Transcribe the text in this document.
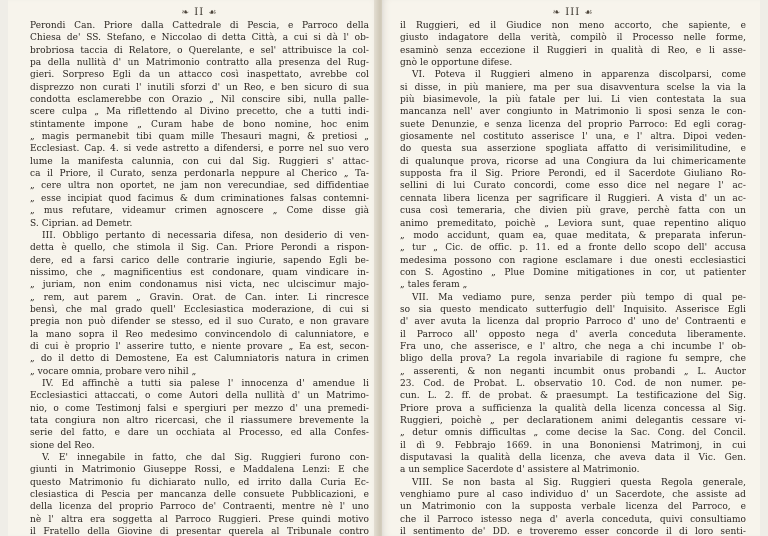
❧ II ☙
Perondi Can. Priore dalla Cattedrale di Pescia, e Parroco della
Chiesa de' SS. Stefano, e Niccolao di detta Città, a cui si dà l' ob-
brobriosa taccia di Relatore, o Querelante, e sel' attribuisce la col-
pa della nullità d' un Matrimonio contratto alla presenza del Rug-
gieri. Sorpreso Egli da un attacco così inaspettato, avrebbe col
disprezzo non curati l' inutili sforzi d' un Reo, e ben sicuro di sua
condotta esclamerebbe con Orazio „ Nil conscire sibi, nulla palle-
scere culpa „ Ma riflettendo al Divino precetto, che a tutti indi-
stintamente impone „ Curam habe de bono nomine, hoc enim
„ magis permanebit tibi quam mille Thesauri magni, & pretiosi „
Ecclesiast. Cap. 4. si vede astretto a difendersi, e porre nel suo vero
lume la manifesta calunnia, con cui dal Sig. Ruggieri s' attac-
ca il Priore, il Curato, senza perdonarla neppure al Cherico „ Ta-
„ cere ultra non oportet, ne jam non verecundiae, sed diffidentiae
„ esse incipiat quod facimus & dum criminationes falsas contemni-
„ mus refutare, videamur crimen agnoscere „ Come disse già
S. Ciprian. ad Demetr.
III. Obbligo pertanto di necessaria difesa, non desiderio di ven-
detta è quello, che stimola il Sig. Can. Priore Perondi a rispon-
dere, ed a farsi carico delle contrarie ingiurie, sapendo Egli be-
nissimo, che „ magnificentius est condonare, quam vindicare in-
„ juriam, non enim condonamus nisi victa, nec ulciscimur majo-
„ rem, aut parem „ Gravin. Orat. de Can. inter. Li rincresce
bensì, che mal grado quell' Ecclesiastica moderazione, di cui si
pregia non può difender se stesso, ed il suo Curato, e non gravare
la mano sopra il Reo medesimo convincendolo di calunniatore, e
di cui è proprio l' asserire tutto, e niente provare „ Ea est, secon-
„ do il detto di Demostene, Ea est Calumniatoris natura in crimen
„ vocare omnia, probare vero nihil „
IV. Ed affinchè a tutti sia palese l' innocenza d' amendue li
Ecclesiastici attaccati, o come Autori della nullità d' un Matrimo-
nio, o come Testimonj falsi e spergiuri per mezzo d' una premedi-
tata congiura non altro ricercasi, che il riassumere brevemente la
serie del fatto, e dare un occhiata al Processo, ed alla Confes-
sione del Reo.
V. E' innegabile in fatto, che dal Sig. Ruggieri furono con-
giunti in Matrimonio Giuseppe Rossi, e Maddalena Lenzi: E che
questo Matrimonio fu dichiarato nullo, ed irrito dalla Curia Ec-
clesiastica di Pescia per mancanza delle consuete Pubblicazioni, e
della licenza del proprio Parroco de' Contraenti, mentre nè l' uno
nè l' altra era soggetta al Parroco Ruggieri. Prese quindi motivo
il Fratello della Giovine di presentar querela al Tribunale contro
❧ III ☙
il Ruggieri, ed il Giudice non meno accorto, che sapiente, e
giusto indagatore della verità, compilò il Processo nelle forme,
esaminò senza eccezione il Ruggieri in qualità di Reo, e li asse-
gnò le opportune difese.
VI. Poteva il Ruggieri almeno in apparenza discolparsi, come
si disse, in più maniere, ma per sua disavventura scelse la via la
più biasimevole, la più fatale per lui. Li vien contestata la sua
mancanza nell' aver congiunto in Matrimonio li sposi senza le con-
suete Denunzie, e senza licenza del proprio Parroco: Ed egli corag-
giosamente nel costituto asserisce l' una, e l' altra. Dipoi veden-
do questa sua asserzione spogliata affatto di verisimilitudine, e
di qualunque prova, ricorse ad una Congiura da lui chimericamente
supposta fra il Sig. Priore Perondi, ed il Sacerdote Giuliano Ro-
sellini di lui Curato concordi, come esso dice nel negare l' ac-
cennata libera licenza per sagrificare il Ruggieri. A vista d' un ac-
cusa così temeraria, che divien più grave, perchè fatta con un
animo premeditato, poichè „ Leviora sunt, quae repentino aliquo
„ modo accidunt, quam ea, quae meditata, & preparata inferun-
„ tur „ Cic. de offic. p. 11. ed a fronte dello scopo dell' accusa
medesima possono con ragione esclamare i due onesti ecclesiastici
con S. Agostino „ Plue Domine mitigationes in cor, ut patienter
„ tales feram „
VII. Ma vediamo pure, senza perder più tempo di qual pe-
so sia questo mendicato sutterfugio dell' Inquisito. Asserisce Egli
d' aver avuta la licenza dal proprio Parroco d' uno de' Contraenti e
il Parroco all' opposto nega d' averla conceduta liberamente.
Fra uno, che asserisce, e l' altro, che nega a chi incumbe l' ob-
bligo della prova? La regola invariabile di ragione fu sempre, che
„ asserenti, & non neganti incumbit onus probandi „ L. Auctor
23. Cod. de Probat. L. observatio 10. Cod. de non numer. pe-
cun. L. 2. ff. de probat. & praesumpt. La testificazione del Sig.
Priore prova a sufficienza la qualità della licenza concessa al Sig.
Ruggieri, poichè „ per declarationem animi delegantis cessare vi-
„ detur omnis difficultas „ come decise la Sac. Cong. del Concil.
il dì 9. Febbrajo 1669. in una Bononiensi Matrimonj, in cui
disputavasi la qualità della licenza, che aveva data il Vic. Gen.
a un semplice Sacerdote d' assistere al Matrimonio.
VIII. Se non basta al Sig. Ruggieri questa Regola generale,
venghiamo pure al caso individuo d' un Sacerdote, che assiste ad
un Matrimonio con la supposta verbale licenza del Parroco, e
che il Parroco istesso nega d' averla conceduta, quivi consultiamo
il sentimento de' DD. e troveremo esser concorde il di loro senti-
